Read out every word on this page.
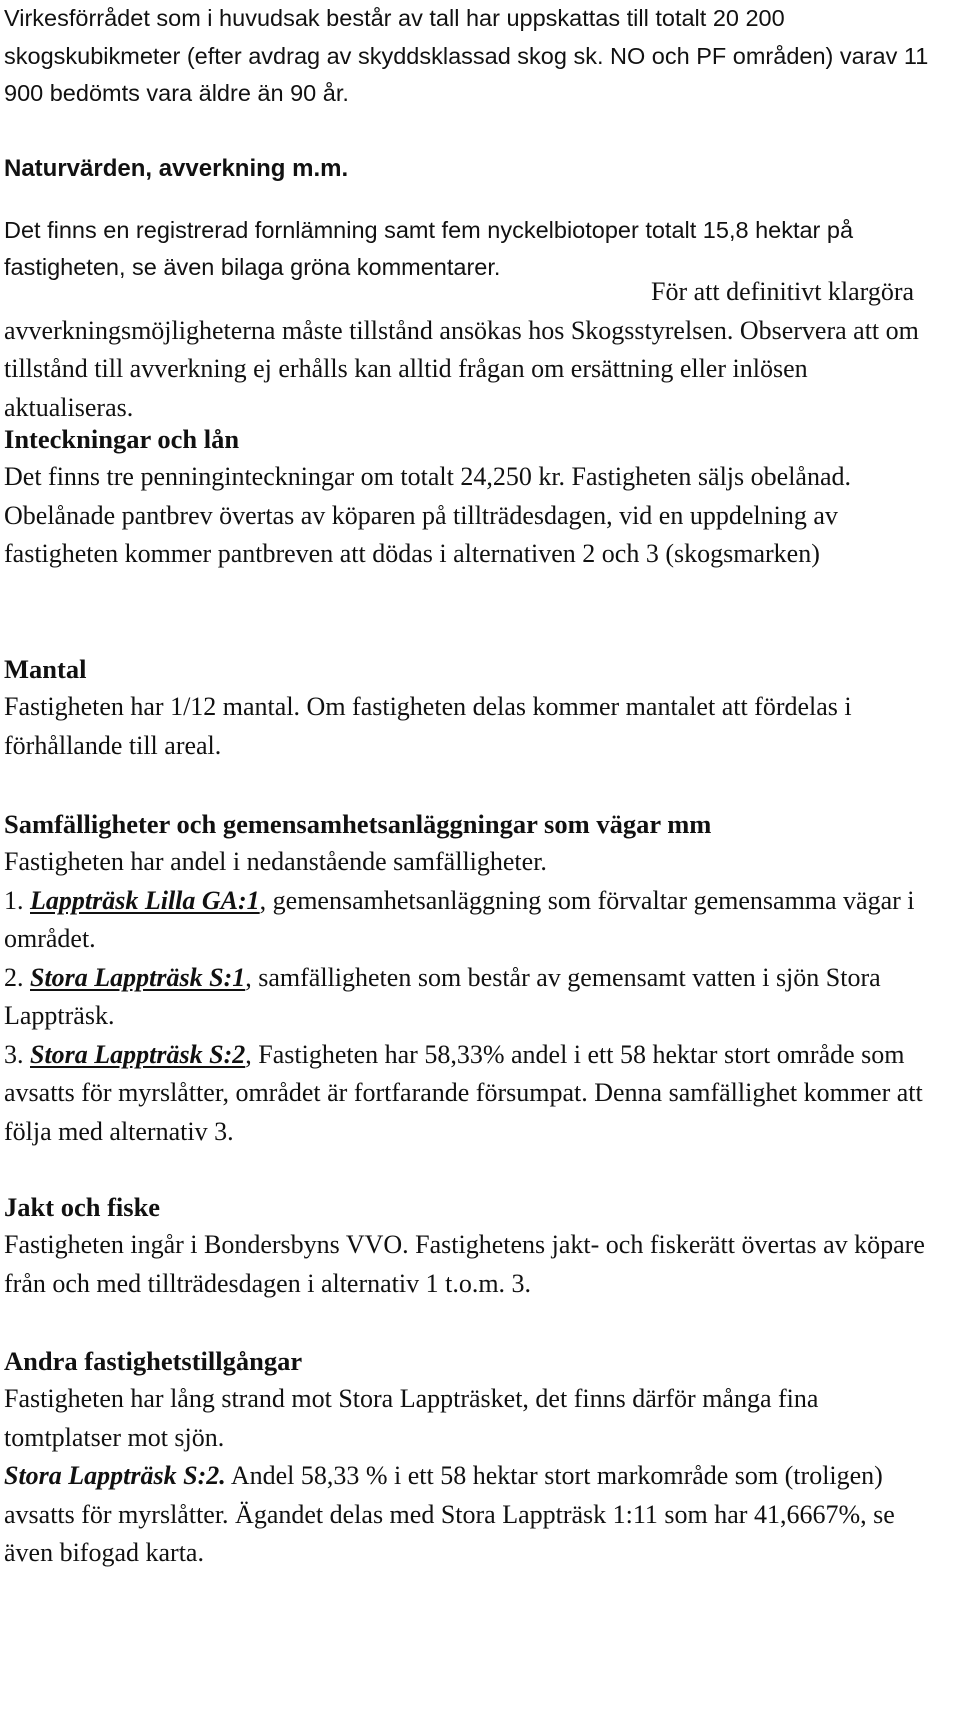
Virkesförrådet som i huvudsak består av tall har uppskattas till totalt 20 200 skogskubikmeter (efter avdrag av skyddsklassad skog sk. NO och PF områden) varav 11 900 bedömts vara äldre än 90 år.

Naturvärden, avverkning m.m.

Det finns en registrerad fornlämning samt fem nyckelbiotoper totalt 15,8 hektar på fastigheten, se även bilaga gröna kommentarer.

För att definitivt klargöra avverkningsmöjligheterna måste tillstånd ansökas hos Skogsstyrelsen. Observera att om tillstånd till avverkning ej erhålls kan alltid frågan om ersättning eller inlösen aktualiseras.

Inteckningar och lån

Det finns tre penninginteckningar om totalt 24,250 kr. Fastigheten säljs obelånad. Obelånade pantbrev övertas av köparen på tillträdesdagen, vid en uppdelning av fastigheten kommer pantbreven att dödas i alternativen 2 och 3 (skogsmarken)

Mantal

Fastigheten har 1/12 mantal. Om fastigheten delas kommer mantalet att fördelas i förhållande till areal.

Samfälligheter och gemensamhetsanläggningar som vägar mm

Fastigheten har andel i nedanstående samfälligheter.

1. Lappträsk Lilla GA:1, gemensamhetsanläggning som förvaltar gemensamma vägar i området.

2. Stora Lappträsk S:1, samfälligheten som består av gemensamt vatten i sjön Stora Lappträsk.

3. Stora Lappträsk S:2, Fastigheten har 58,33% andel i ett 58 hektar stort område som avsatts för myrslåtter, området är fortfarande försumpat. Denna samfällighet kommer att följa med alternativ 3.

Jakt och fiske

Fastigheten ingår i Bondersbyns VVO. Fastighetens jakt- och fiskerätt övertas av köpare från och med tillträdesdagen i alternativ 1 t.o.m. 3.

Andra fastighetstillgångar

Fastigheten har lång strand mot Stora Lappträsket, det finns därför många fina tomtplatser mot sjön.

Stora Lappträsk S:2. Andel 58,33 % i ett 58 hektar stort markområde som (troligen) avsatts för myrslåtter. Ägandet delas med Stora Lappträsk 1:11 som har 41,6667%, se även bifogad karta.
